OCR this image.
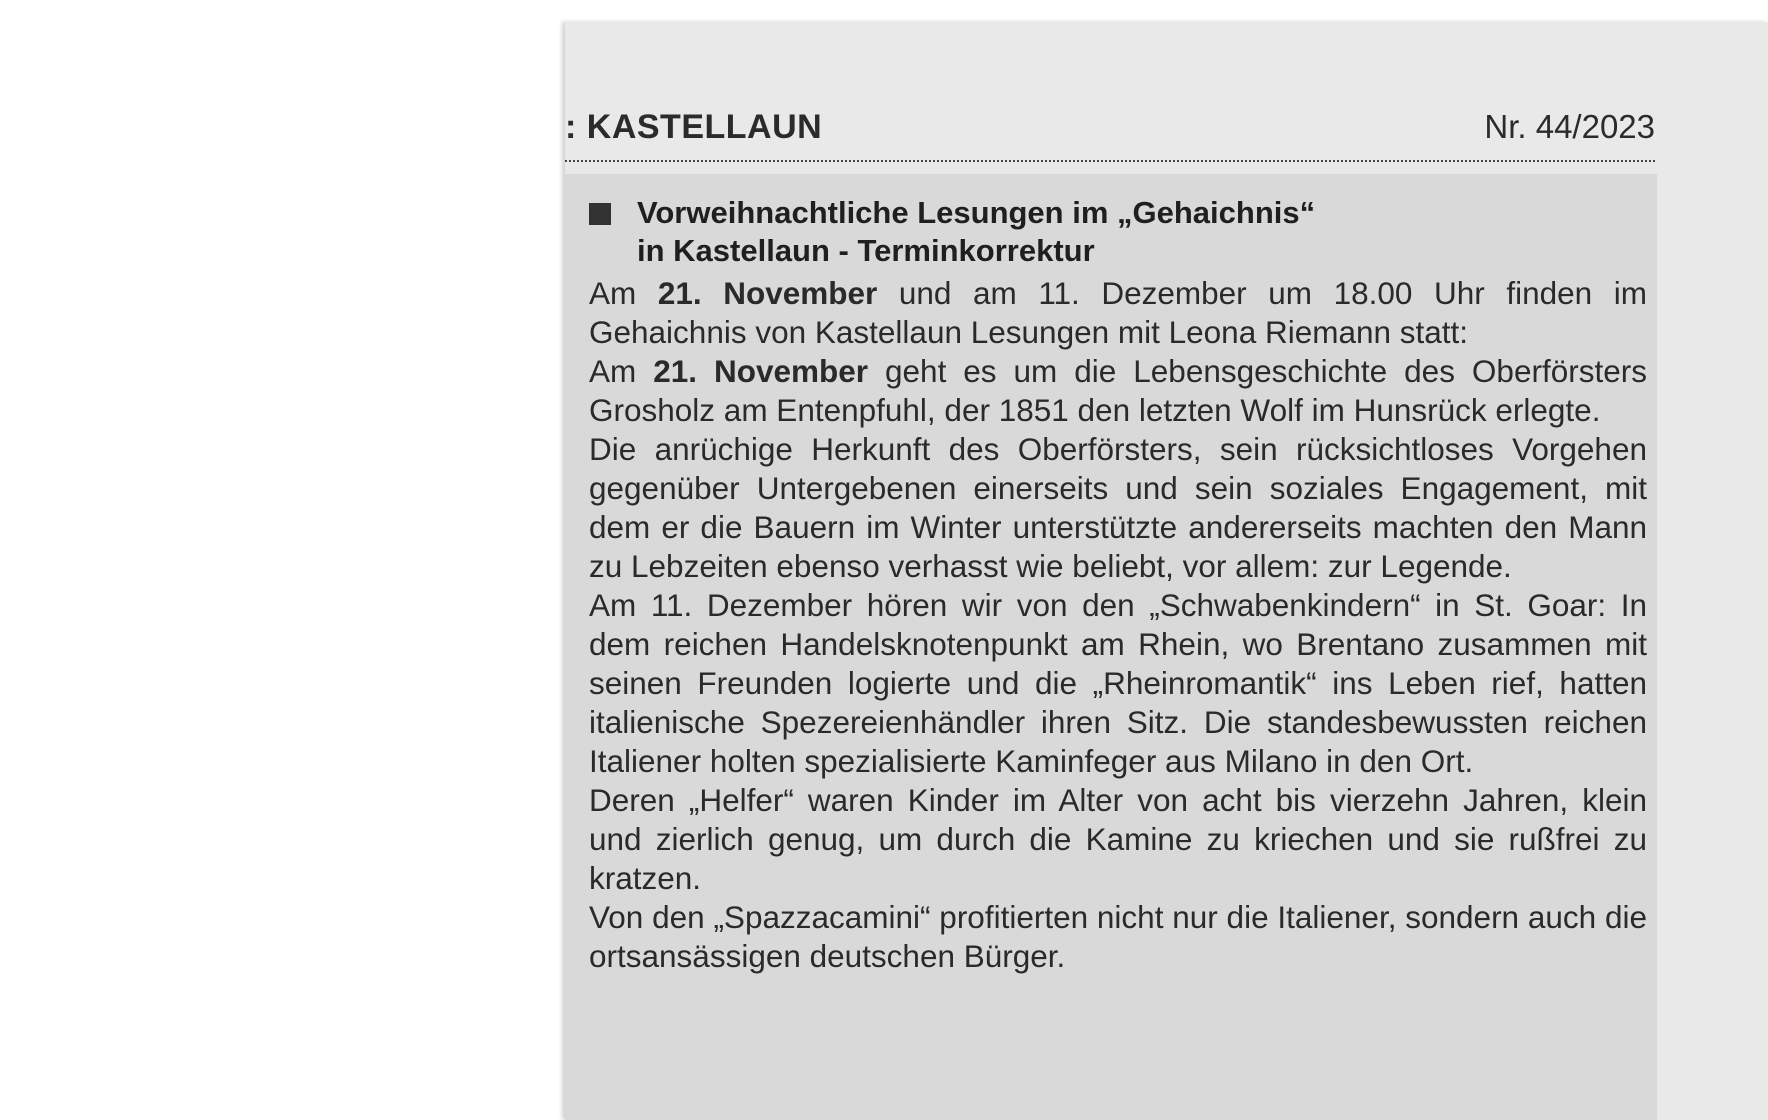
: KASTELLAUN	Nr. 44/2023
Vorweihnachtliche Lesungen im „Gehaichnis“
in Kastellaun - Terminkorrektur

Am 21. November und am 11. Dezember um 18.00 Uhr finden im Gehaichnis von Kastellaun Lesungen mit Leona Riemann statt:

Am 21. November geht es um die Lebensgeschichte des Oberförsters Grosholz am Entenpfuhl, der 1851 den letzten Wolf im Hunsrück erlegte.

Die anrüchige Herkunft des Oberförsters, sein rücksichtloses Vorgehen gegenüber Untergebenen einerseits und sein soziales Engagement, mit dem er die Bauern im Winter unterstützte andererseits machten den Mann zu Lebzeiten ebenso verhasst wie beliebt, vor allem: zur Legende.

Am 11. Dezember hören wir von den „Schwabenkindern“ in St. Goar: In dem reichen Handelsknotenpunkt am Rhein, wo Brentano zusammen mit seinen Freunden logierte und die „Rheinromantik“ ins Leben rief, hatten italienische Spezereienhändler ihren Sitz. Die standesbewussten reichen Italiener holten spezialisierte Kaminfeger aus Milano in den Ort.

Deren „Helfer“ waren Kinder im Alter von acht bis vierzehn Jahren, klein und zierlich genug, um durch die Kamine zu kriechen und sie rußfrei zu kratzen.

Von den „Spazzacamini“ profitierten nicht nur die Italiener, sondern auch die ortsansässigen deutschen Bürger.
